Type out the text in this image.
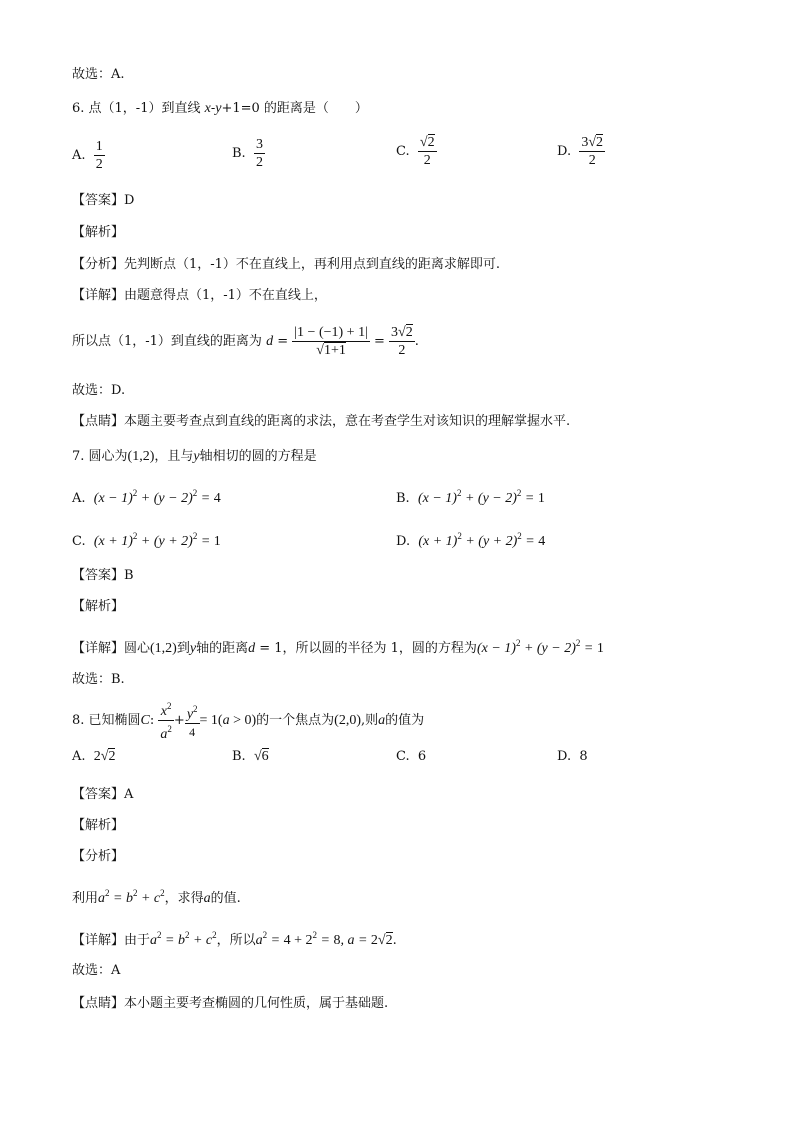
故选：A.
6. 点（1，-1）到直线 x-y+1=0 的距离是（　　）
A. $\frac{1}{2}$	B. $\frac{3}{2}$	C. $\frac{√2}{2}$	D. $\frac{3√2}{2}$
【答案】D
【解析】
【分析】先判断点（1，-1）不在直线上，再利用点到直线的距离求解即可.
【详解】由题意得点（1，-1）不在直线上，
所以点（1，-1）到直线的距离为 $d = \frac{|1 - (-1) + 1|}{√1+1} = \frac{3√2}{2}$ .
故选：D.
【点睛】本题主要考查点到直线的距离的求法，意在考查学生对该知识的理解掌握水平.
7. 圆心为(1,2)，且与y轴相切的圆的方程是
A. $(x - 1)^2 + (y - 2)^2 = 4$	B. $(x - 1)^2 + (y - 2)^2 = 1$
C. $(x + 1)^2 + (y + 2)^2 = 1$	D. $(x + 1)^2 + (y + 2)^2 = 4$
【答案】B
【解析】
【详解】圆心(1,2)到y轴的距离d = 1，所以圆的半径为 1，圆的方程为$(x - 1)^2 + (y - 2)^2 = 1$
故选：B.
8. 已知椭圆C: $\frac{x^2}{a^2} + \frac{y^2}{4} = 1(a > 0)$的一个焦点为(2,0),则a的值为
A. 2√2	B. √6	C. 6	D. 8
【答案】A
【解析】
【分析】
利用$a^2 = b^2 + c^2$，求得a的值.
【详解】由于$a^2 = b^2 + c^2$，所以$a^2 = 4 + 2^2 = 8$, a = 2√2.
故选：A
【点睛】本小题主要考查椭圆的几何性质，属于基础题.
